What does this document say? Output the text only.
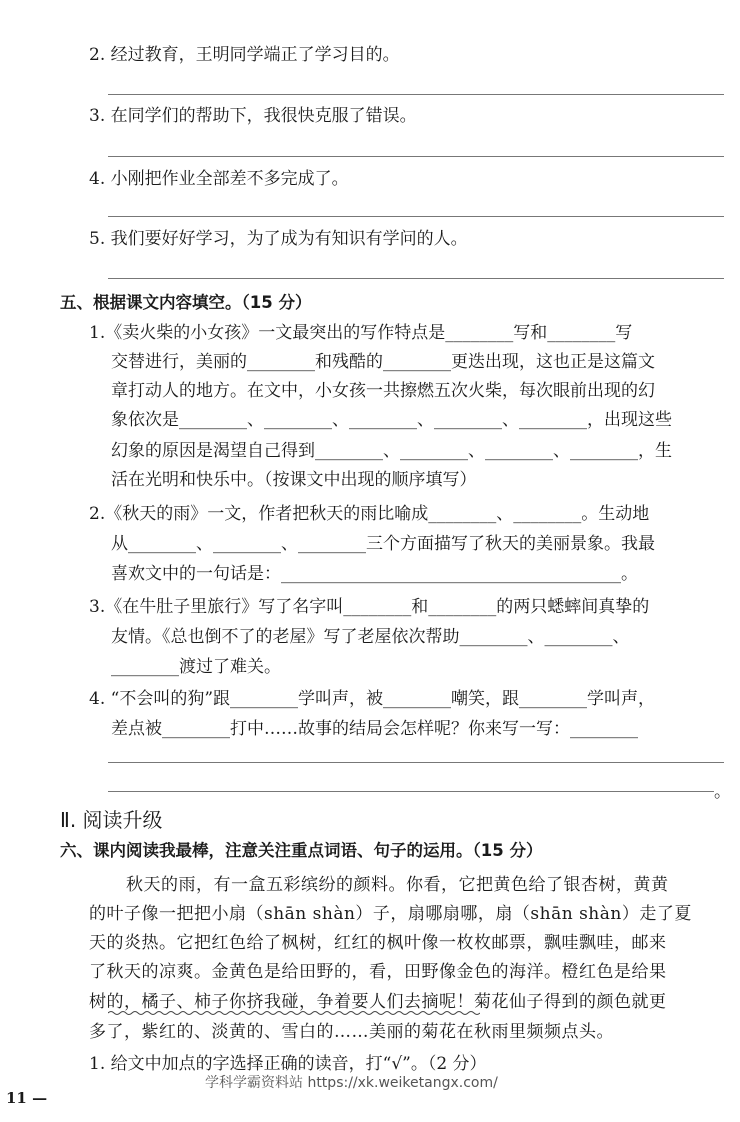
2. 经过教育，王明同学端正了学习目的。
3. 在同学们的帮助下，我很快克服了错误。
4. 小刚把作业全部差不多完成了。
5. 我们要好好学习，为了成为有知识有学问的人。
五、根据课文内容填空。（15 分）
1.《卖火柴的小女孩》一文最突出的写作特点是________写和________写
交替进行，美丽的________和残酷的________更迭出现，这也正是这篇文
章打动人的地方。在文中，小女孩一共擦燃五次火柴，每次眼前出现的幻
象依次是________、________、________、________、________，出现这些
幻象的原因是渴望自己得到________、________、________、________，生
活在光明和快乐中。（按课文中出现的顺序填写）
2.《秋天的雨》一文，作者把秋天的雨比喻成________、________。生动地
从________、________、________三个方面描写了秋天的美丽景象。我最
喜欢文中的一句话是：________________________________________。
3.《在牛肚子里旅行》写了名字叫________和________的两只蟋蟀间真挚的
友情。《总也倒不了的老屋》写了老屋依次帮助________、________、
________渡过了难关。
4. “不会叫的狗”跟________学叫声，被________嘲笑，跟________学叫声，
差点被________打中……故事的结局会怎样呢？你来写一写：________
。
Ⅱ. 阅读升级
六、课内阅读我最棒，注意关注重点词语、句子的运用。（15 分）
秋天的雨，有一盒五彩缤纷的颜料。你看，它把黄色给了银杏树，黄黄
的叶子像一把把小扇（shān shàn）子，扇哪扇哪，扇（shān shàn）走了夏
天的炎热。它把红色给了枫树，红红的枫叶像一枚枚邮票，飘哇飘哇，邮来
了秋天的凉爽。金黄色是给田野的，看，田野像金色的海洋。橙红色是给果
树的，橘子、柿子你挤我碰，争着要人们去摘呢！菊花仙子得到的颜色就更
多了，紫红的、淡黄的、雪白的……美丽的菊花在秋雨里频频点头。
1. 给文中加点的字选择正确的读音，打“√”。（2 分）
11 —
学科学霸资料站 https://xk.weiketangx.com/
